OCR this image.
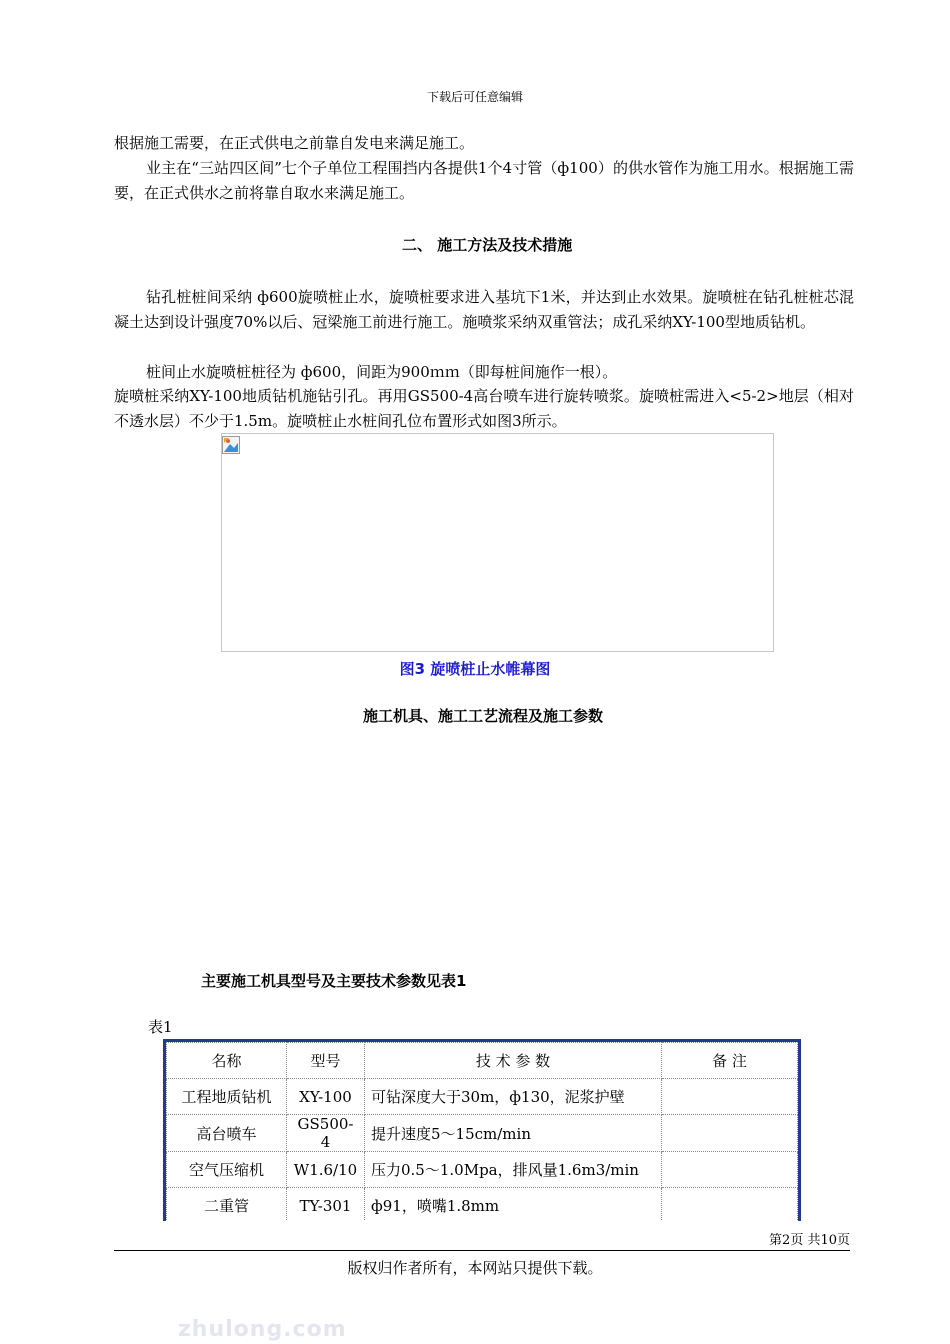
下载后可任意编辑
根据施工需要，在正式供电之前靠自发电来满足施工。
业主在“三站四区间”七个子单位工程围挡内各提供1个4寸管（ф100）的供水管作为施工用水。根据施工需要，在正式供水之前将靠自取水来满足施工。
二、 施工方法及技术措施
钻孔桩桩间采纳 ф600旋喷桩止水，旋喷桩要求进入基坑下1米，并达到止水效果。旋喷桩在钻孔桩桩芯混凝土达到设计强度70%以后、冠梁施工前进行施工。施喷浆采纳双重管法；成孔采纳XY-100型地质钻机。
桩间止水旋喷桩桩径为 ф600，间距为900ｍｍ（即每桩间施作一根）。
旋喷桩采纳XY-100地质钻机施钻引孔。再用GS500-4高台喷车进行旋转喷浆。旋喷桩需进入<5-2>地层（相对不透水层）不少于1.5m。旋喷桩止水桩间孔位布置形式如图3所示。
图3 旋喷桩止水帷幕图
施工机具、施工工艺流程及施工参数
主要施工机具型号及主要技术参数见表1
表1
名称	型号	技 术 参 数	备 注
工程地质钻机	XY-100	可钻深度大于30m，ф130，泥浆护壁	
高台喷车	GS500-4	提升速度5～15cm/min	
空气压缩机	W1.6/10	压力0.5～1.0Mpa，排风量1.6m3/min	
二重管	TY-301	ф91，喷嘴1.8mm	
第2页 共10页
版权归作者所有，本网站只提供下载。
zhulong.com
